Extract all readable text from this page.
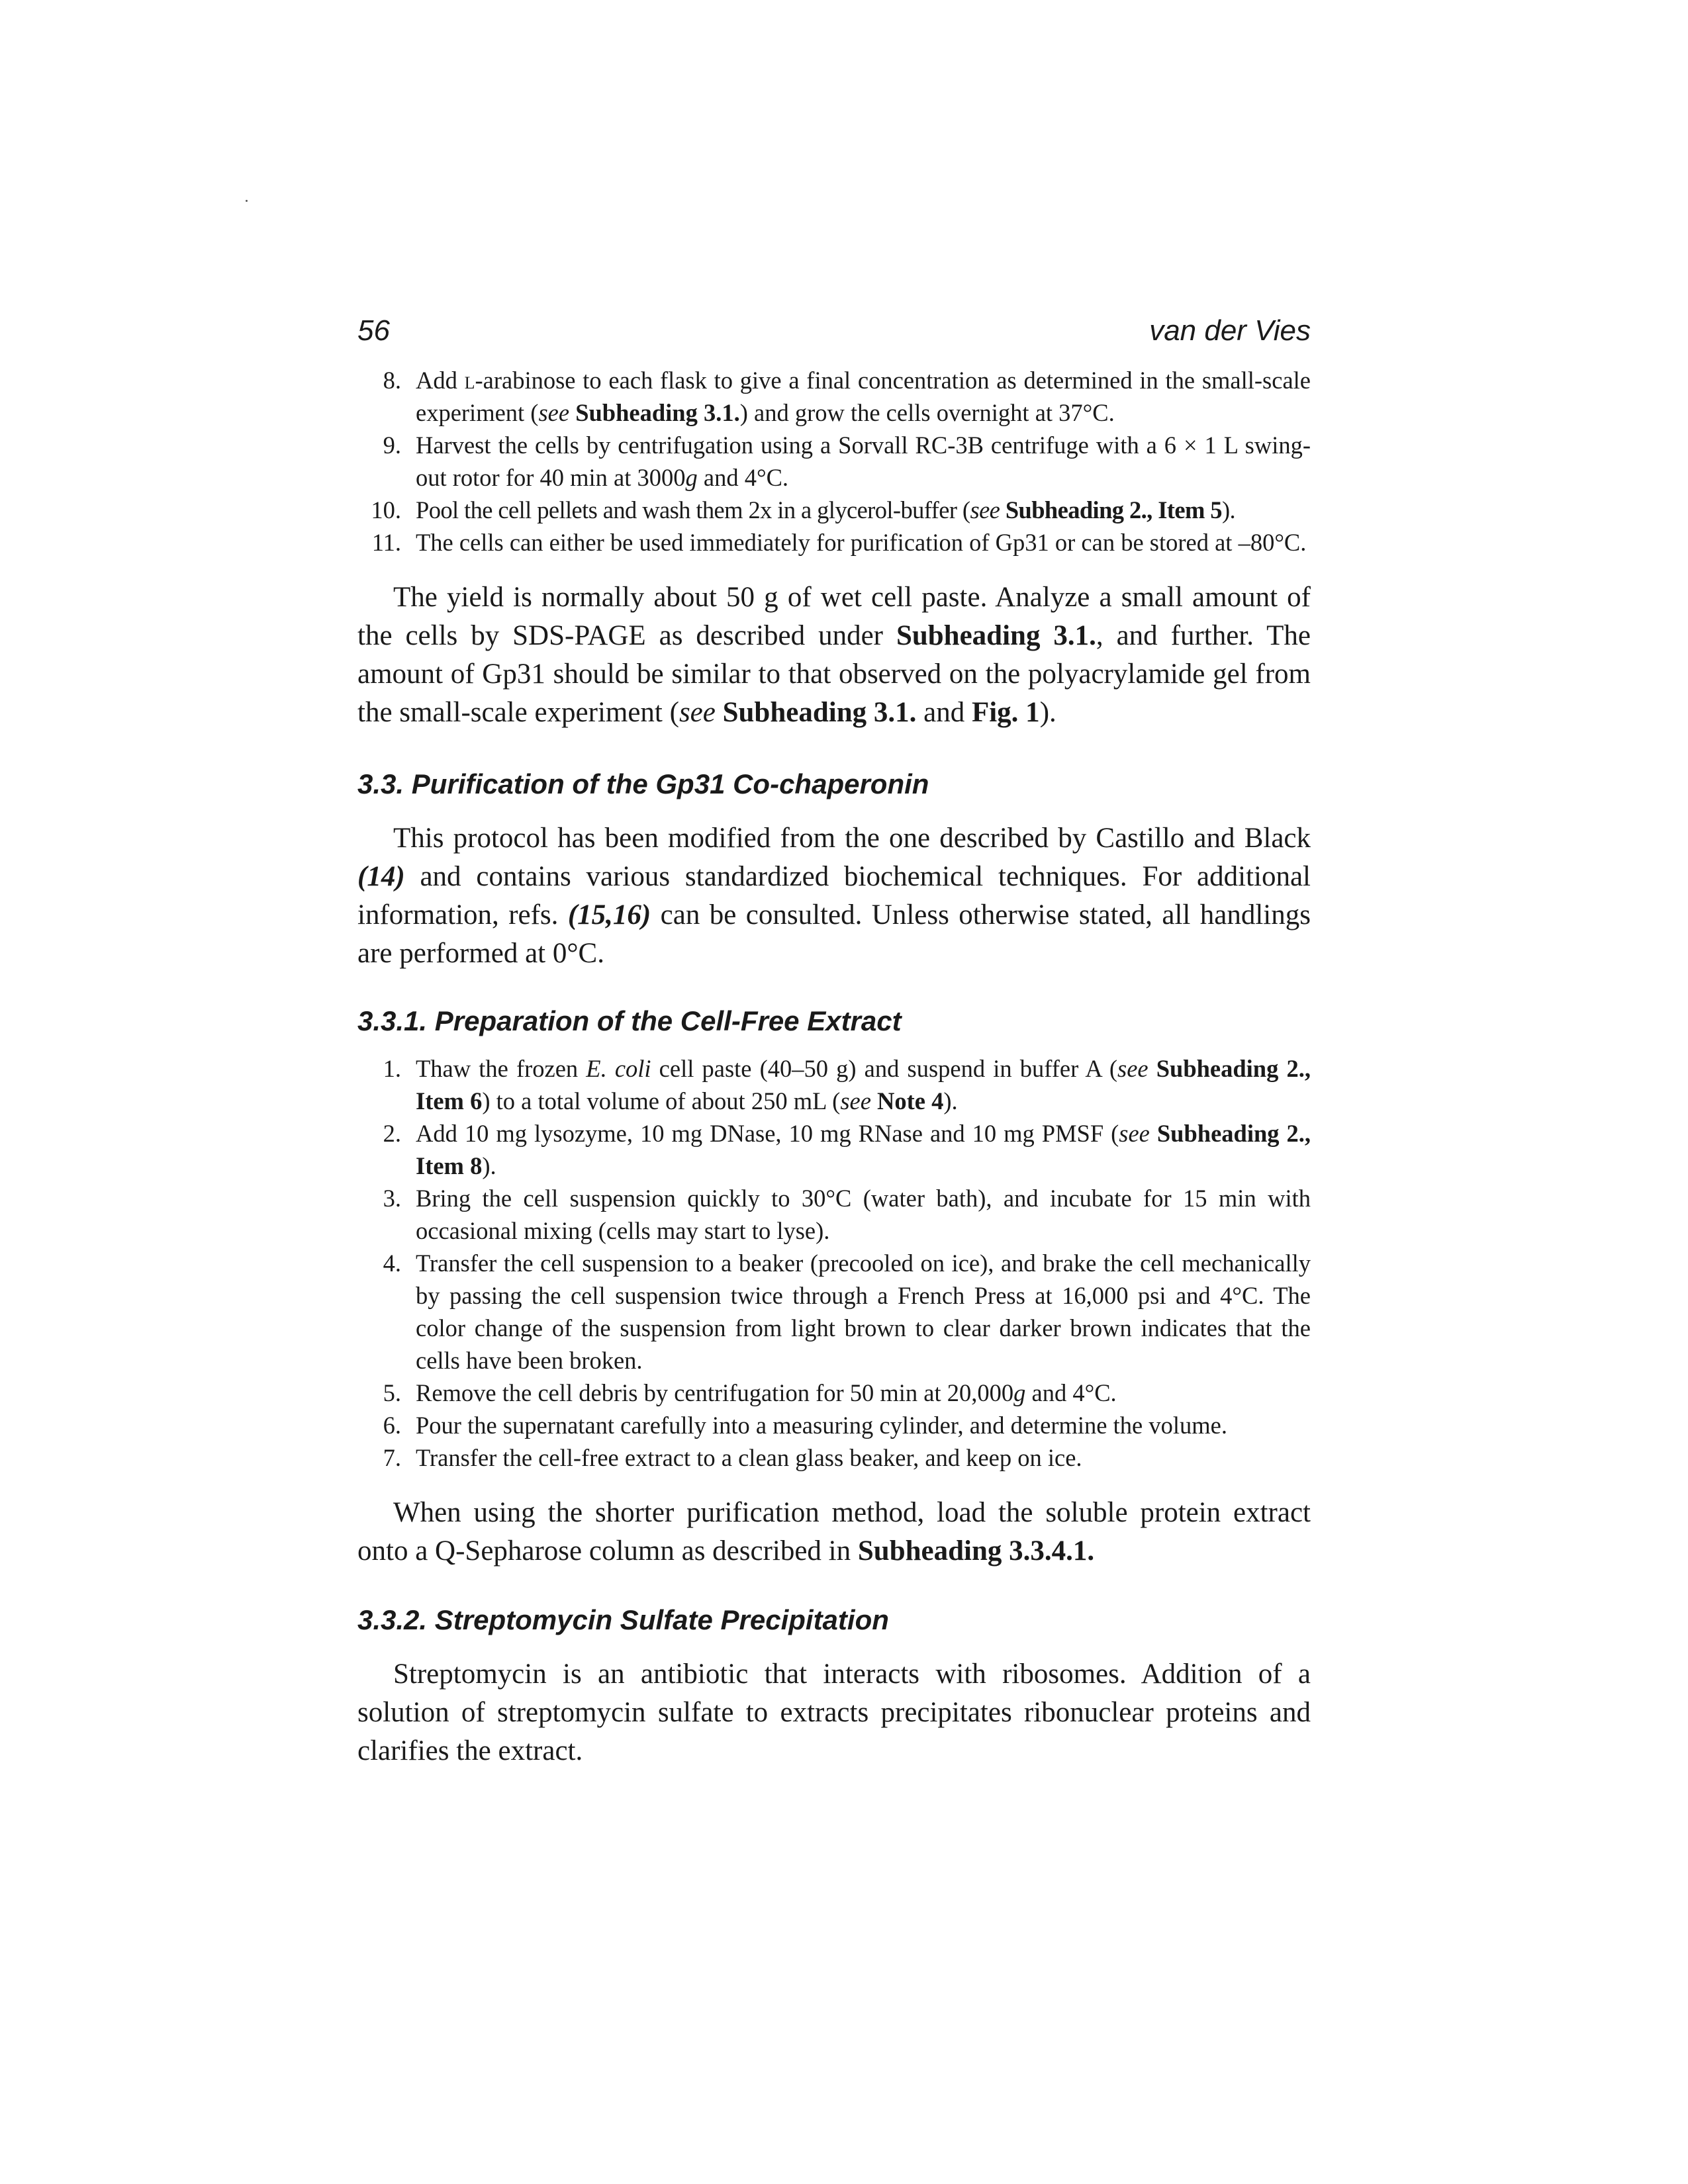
56	van der Vies
8. Add l-arabinose to each flask to give a final concentration as determined in the small-scale experiment (see Subheading 3.1.) and grow the cells overnight at 37°C.
9. Harvest the cells by centrifugation using a Sorvall RC-3B centrifuge with a 6 × 1 L swing-out rotor for 40 min at 3000g and 4°C.
10. Pool the cell pellets and wash them 2x in a glycerol-buffer (see Subheading 2., Item 5).
11. The cells can either be used immediately for purification of Gp31 or can be stored at –80°C.

The yield is normally about 50 g of wet cell paste. Analyze a small amount of the cells by SDS-PAGE as described under Subheading 3.1., and further. The amount of Gp31 should be similar to that observed on the polyacrylamide gel from the small-scale experiment (see Subheading 3.1. and Fig. 1).

3.3. Purification of the Gp31 Co-chaperonin

This protocol has been modified from the one described by Castillo and Black (14) and contains various standardized biochemical techniques. For additional information, refs. (15,16) can be consulted. Unless otherwise stated, all handlings are performed at 0°C.

3.3.1. Preparation of the Cell-Free Extract
1. Thaw the frozen E. coli cell paste (40–50 g) and suspend in buffer A (see Subheading 2., Item 6) to a total volume of about 250 mL (see Note 4).
2. Add 10 mg lysozyme, 10 mg DNase, 10 mg RNase and 10 mg PMSF (see Subheading 2., Item 8).
3. Bring the cell suspension quickly to 30°C (water bath), and incubate for 15 min with occasional mixing (cells may start to lyse).
4. Transfer the cell suspension to a beaker (precooled on ice), and brake the cell mechanically by passing the cell suspension twice through a French Press at 16,000 psi and 4°C. The color change of the suspension from light brown to clear darker brown indicates that the cells have been broken.
5. Remove the cell debris by centrifugation for 50 min at 20,000g and 4°C.
6. Pour the supernatant carefully into a measuring cylinder, and determine the volume.
7. Transfer the cell-free extract to a clean glass beaker, and keep on ice.

When using the shorter purification method, load the soluble protein extract onto a Q-Sepharose column as described in Subheading 3.3.4.1.

3.3.2. Streptomycin Sulfate Precipitation

Streptomycin is an antibiotic that interacts with ribosomes. Addition of a solution of streptomycin sulfate to extracts precipitates ribonuclear proteins and clarifies the extract.
